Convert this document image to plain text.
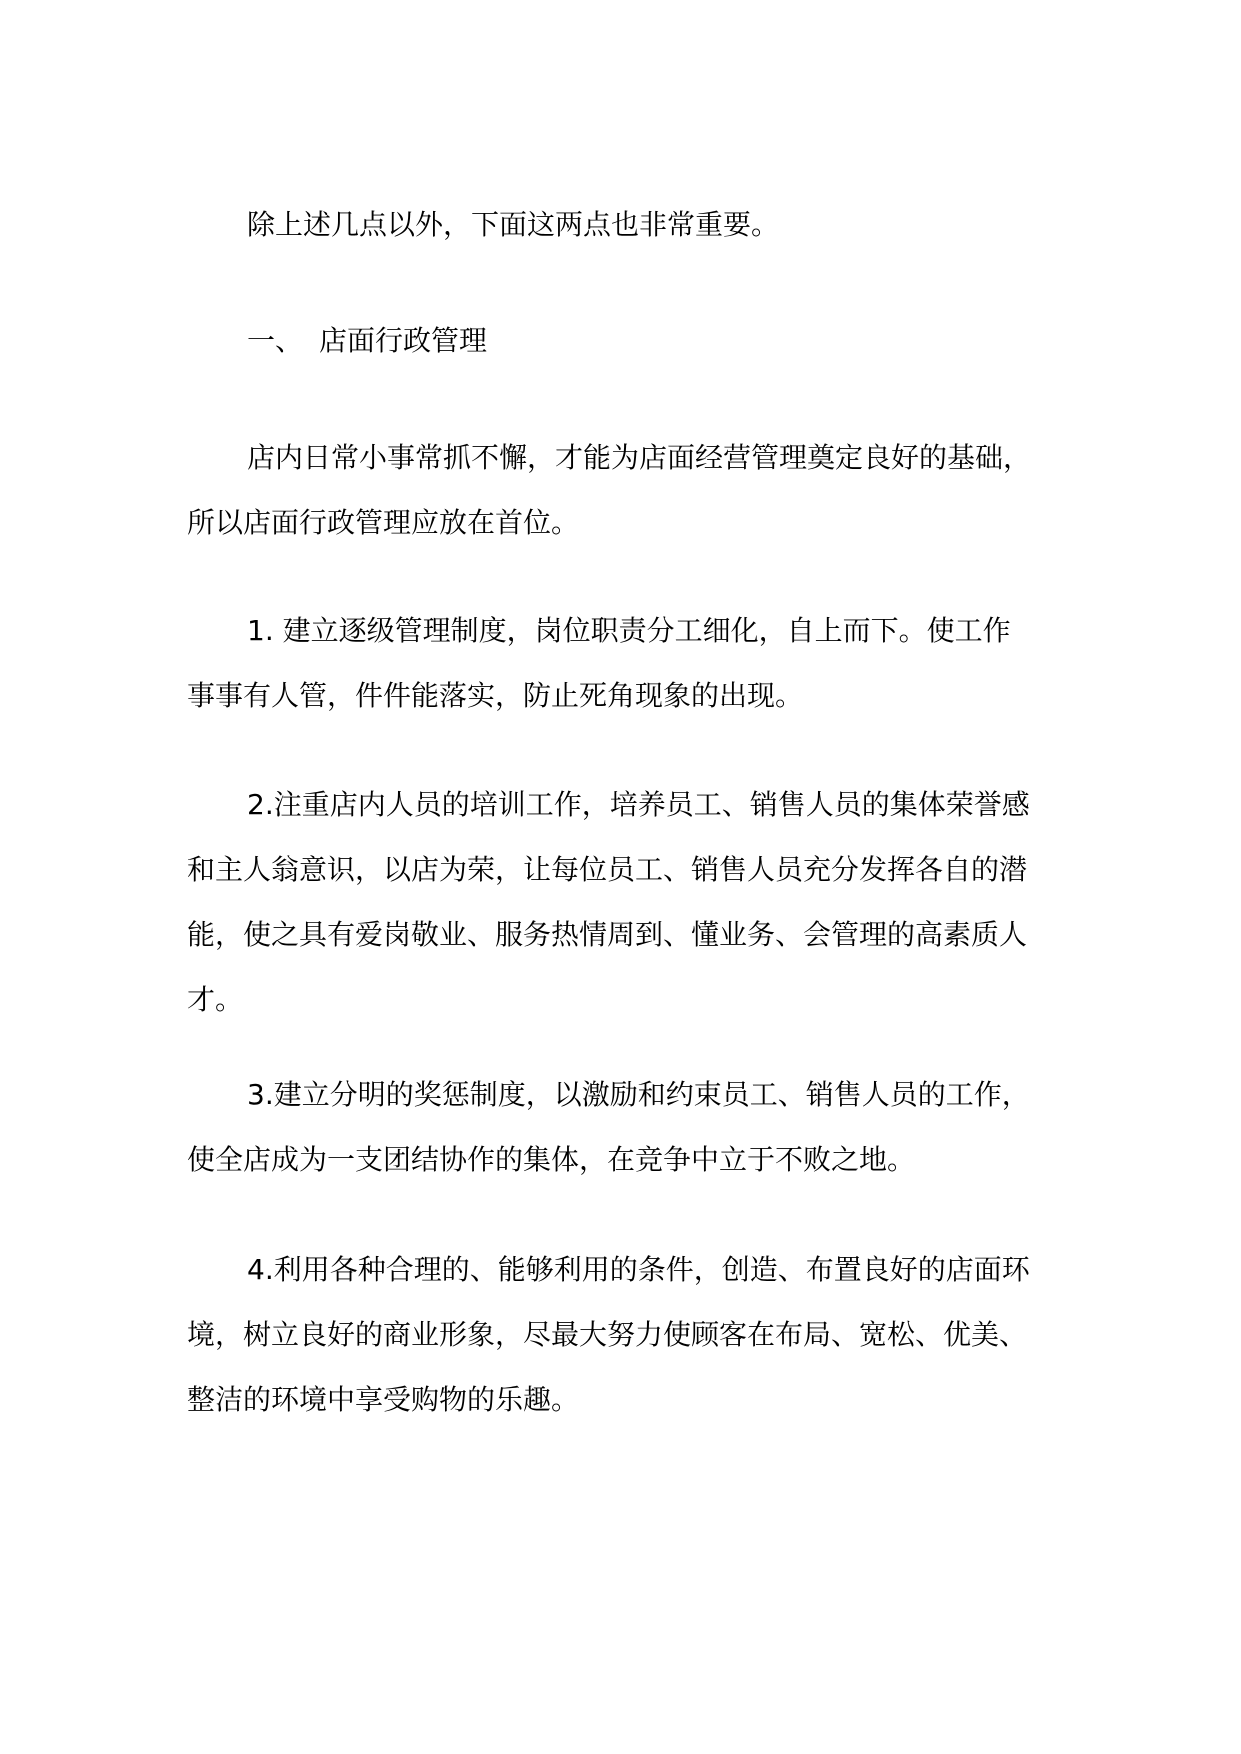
除上述几点以外，下面这两点也非常重要。
一、 店面行政管理
店内日常小事常抓不懈，才能为店面经营管理奠定良好的基础，
所以店面行政管理应放在首位。
1. 建立逐级管理制度，岗位职责分工细化，自上而下。使工作
事事有人管，件件能落实，防止死角现象的出现。
2.注重店内人员的培训工作，培养员工、销售人员的集体荣誉感
和主人翁意识，以店为荣，让每位员工、销售人员充分发挥各自的潜
能，使之具有爱岗敬业、服务热情周到、懂业务、会管理的高素质人
才。
3.建立分明的奖惩制度，以激励和约束员工、销售人员的工作，
使全店成为一支团结协作的集体，在竞争中立于不败之地。
4.利用各种合理的、能够利用的条件，创造、布置良好的店面环
境，树立良好的商业形象，尽最大努力使顾客在布局、宽松、优美、
整洁的环境中享受购物的乐趣。
